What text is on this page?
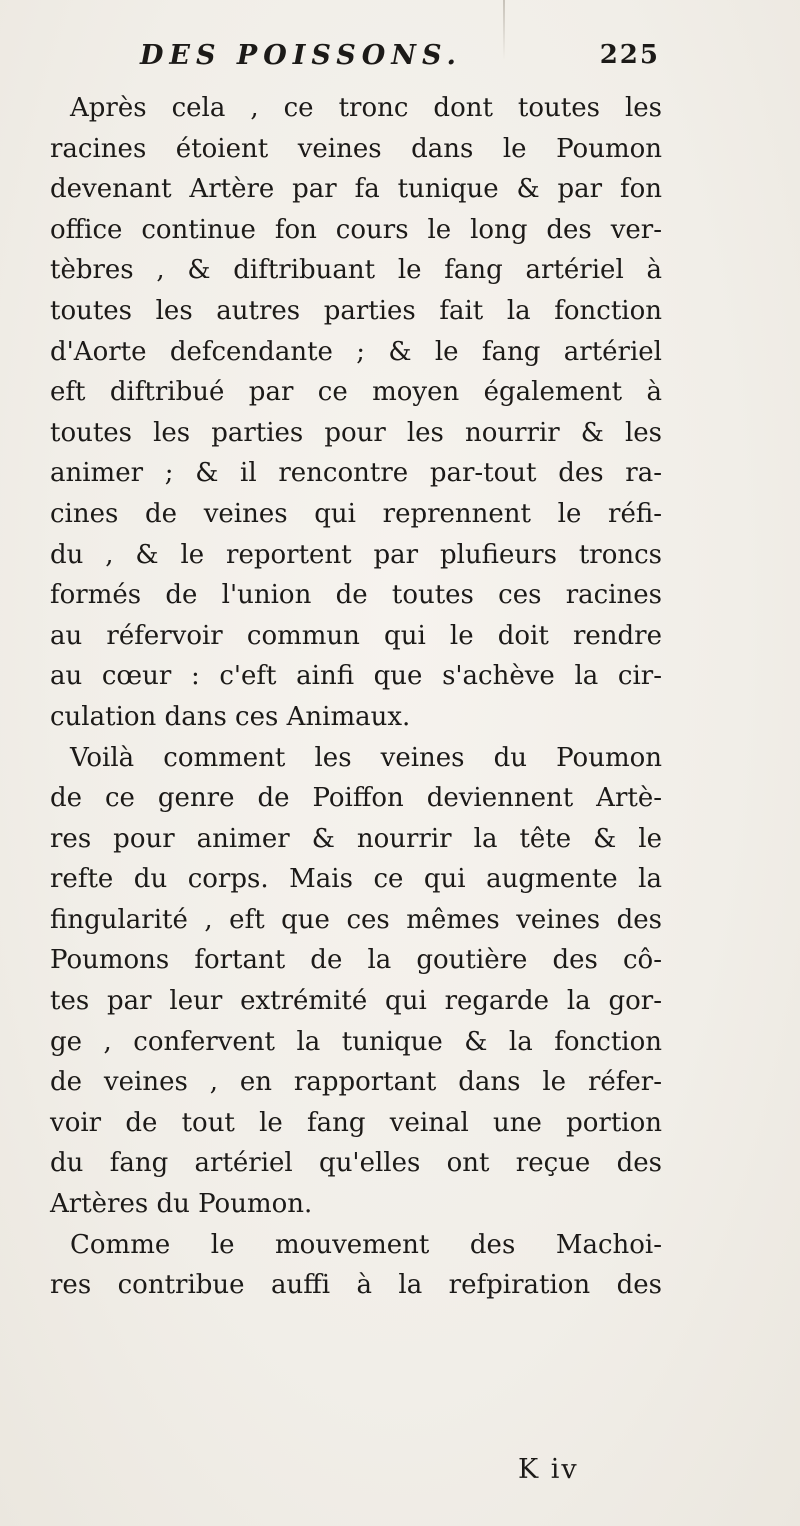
DES POISSONS.	225
Après cela , ce tronc dont toutes les
racines étoient veines dans le Poumon
devenant Artère par fa tunique & par fon
office continue fon cours le long des ver-
tèbres , & diftribuant le fang artériel à
toutes les autres parties fait la fonction
d'Aorte defcendante ; & le fang artériel
eft diftribué par ce moyen également à
toutes les parties pour les nourrir & les
animer ; & il rencontre par-tout des ra-
cines de veines qui reprennent le réfi-
du , & le reportent par plufieurs troncs
formés de l'union de toutes ces racines
au réfervoir commun qui le doit rendre
au cœur : c'eft ainfi que s'achève la cir-
culation dans ces Animaux.
Voilà comment les veines du Poumon
de ce genre de Poiffon deviennent Artè-
res pour animer & nourrir la tête & le
refte du corps. Mais ce qui augmente la
fingularité , eft que ces mêmes veines des
Poumons fortant de la goutière des cô-
tes par leur extrémité qui regarde la gor-
ge , confervent la tunique & la fonction
de veines , en rapportant dans le réfer-
voir de tout le fang veinal une portion
du fang artériel qu'elles ont reçue des
Artères du Poumon.
Comme le mouvement des Machoi-
res contribue auffi à la refpiration des
K iv
